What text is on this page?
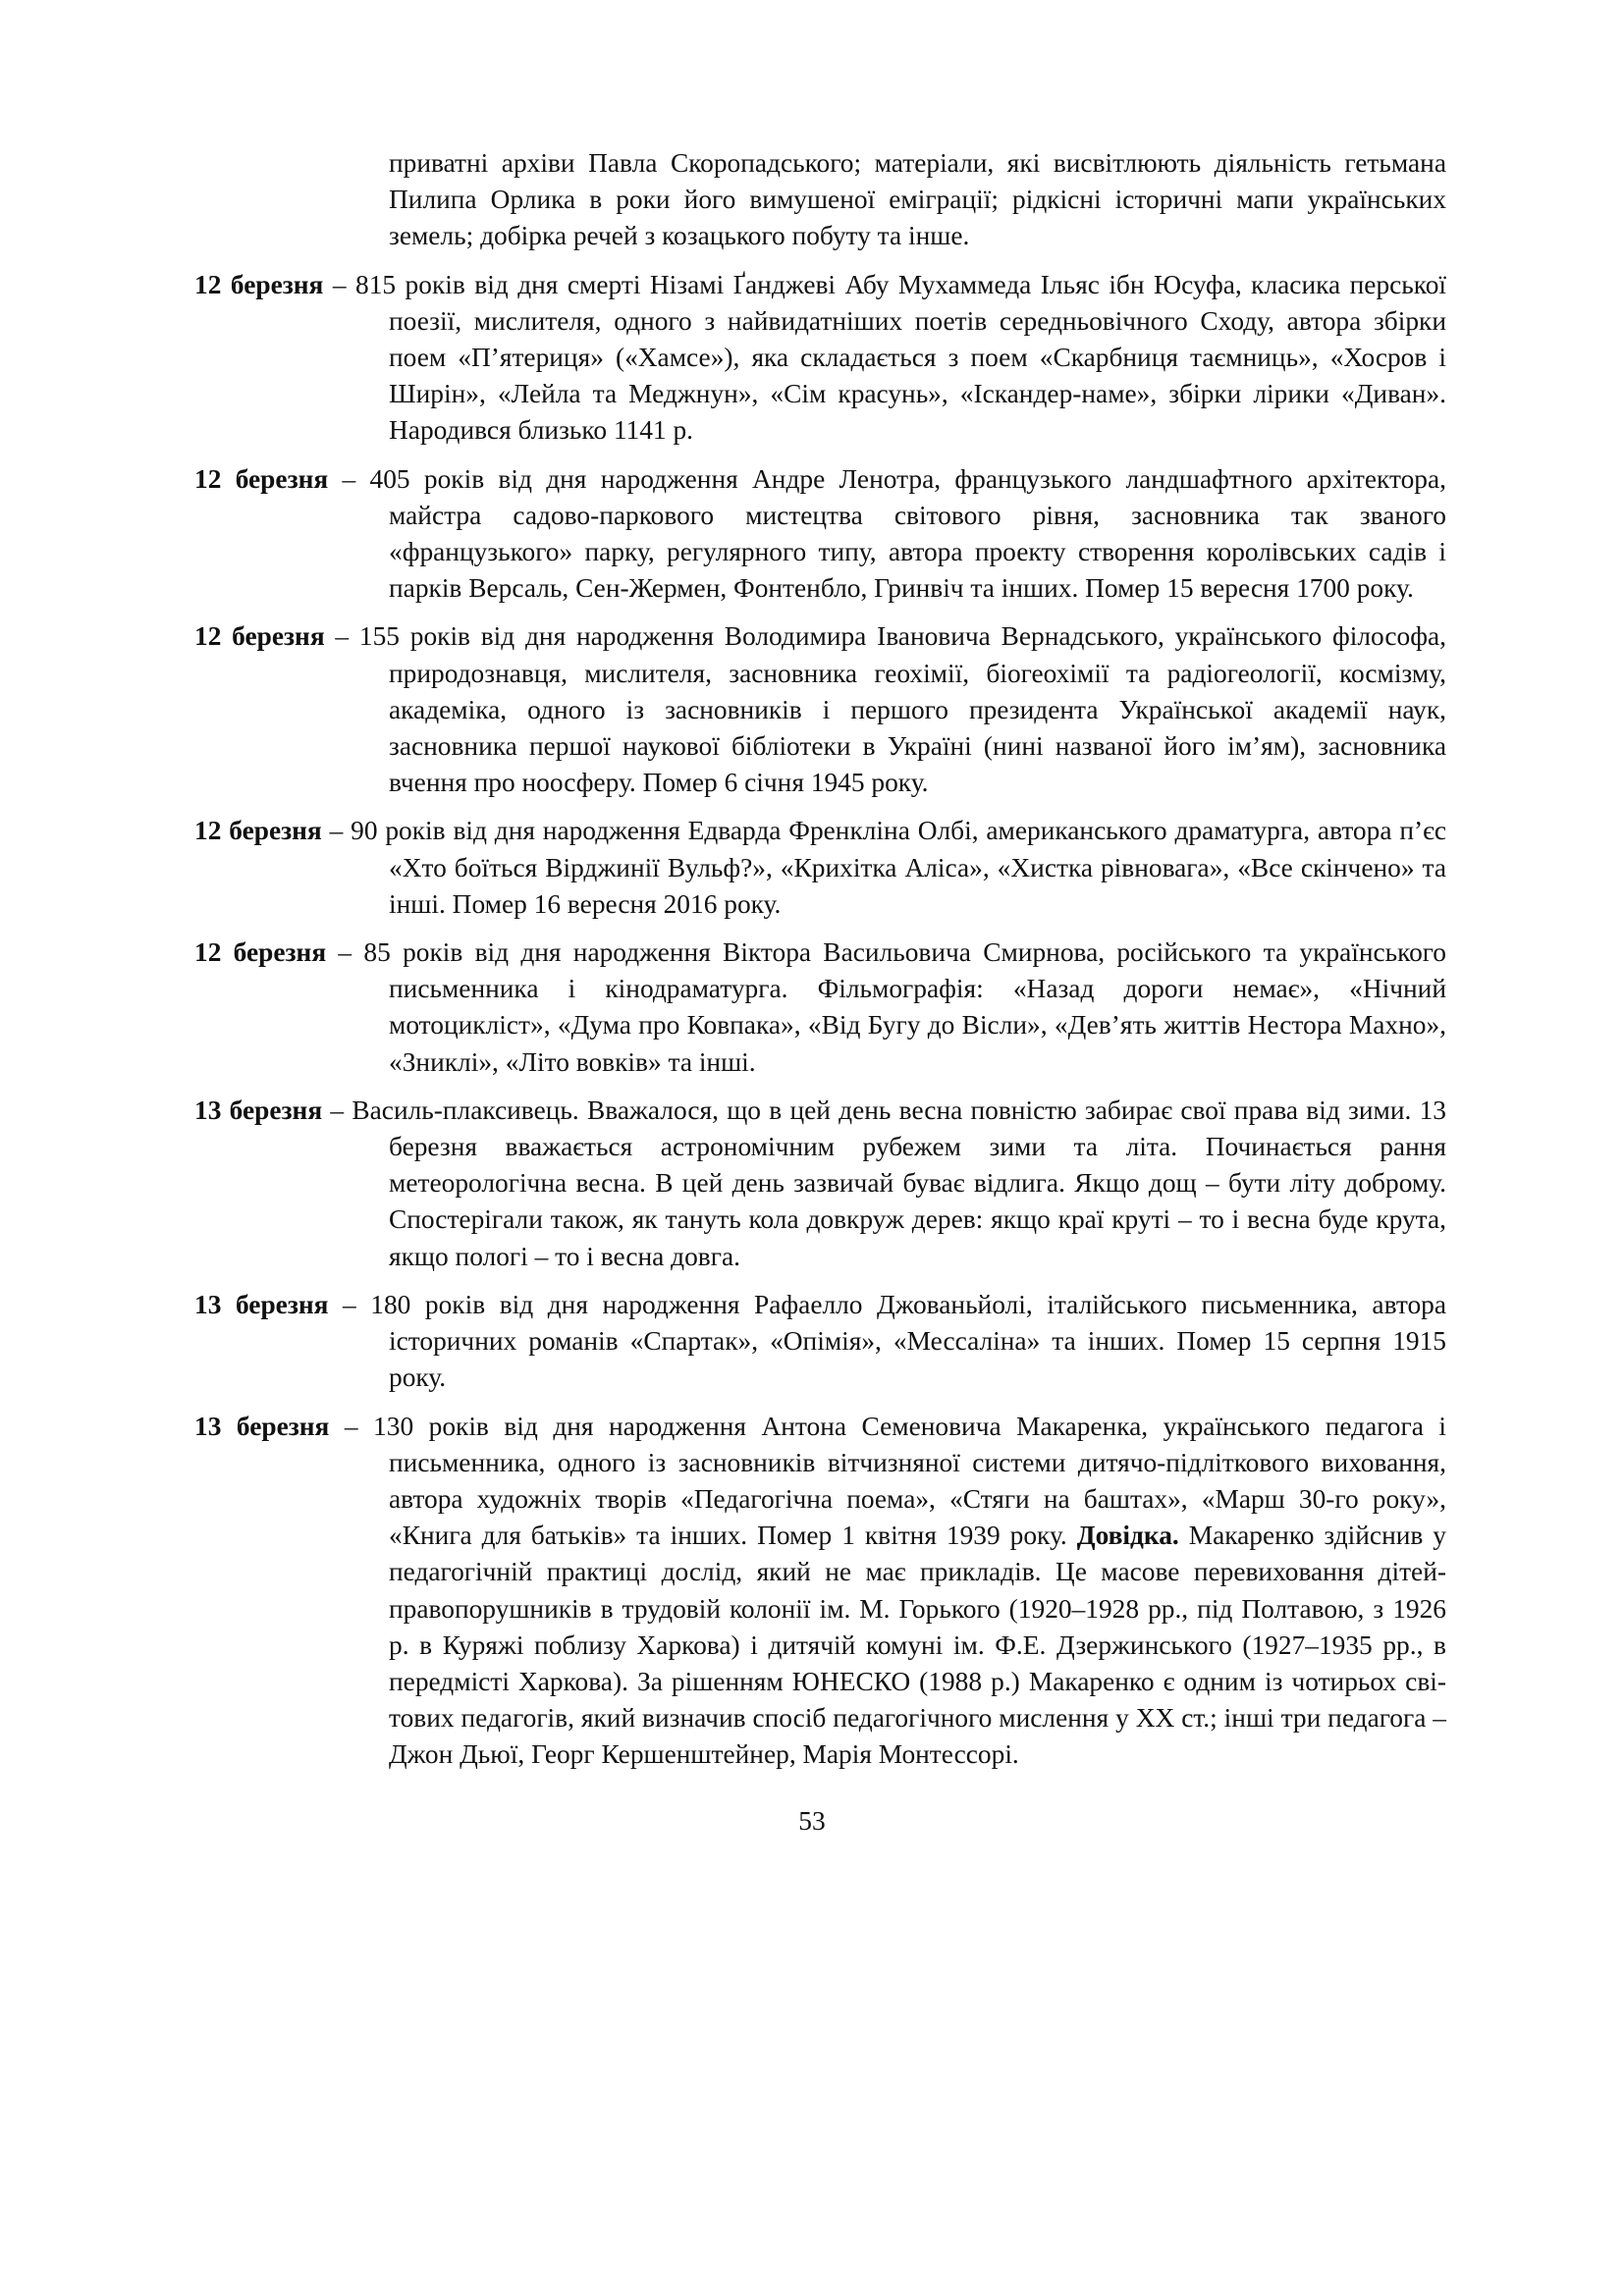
приватні архіви Павла Скоропадського; матеріали, які висвітлюють діяльність гетьмана Пилипа Орлика в роки його вимушеної еміграції; рідкісні історичні мапи українських земель; добірка речей з козацького побуту та інше.

12 березня – 815 років від дня смерті Нізамі Ґанджеві Абу Мухаммеда Ільяс ібн Юсуфа, класика перської поезії, мислителя, одного з найвидатніших поетів середньовічного Сходу, автора збірки поем «П’ятериця» («Хамсе»), яка складається з поем «Скарбниця таємниць», «Хосров і Ширін», «Лейла та Меджнун», «Сім красунь», «Іскандер-наме», збірки лірики «Диван». Народився близько 1141 р.

12 березня – 405 років від дня народження Андре Ленотра, французького ландшафтного архітектора, майстра садово-паркового мистецтва світового рівня, засновника так званого «французького» парку, регулярного типу, автора проекту створення королівських садів і парків Версаль, Сен-Жермен, Фонтенбло, Гринвіч та інших. Помер 15 вересня 1700 року.

12 березня – 155 років від дня народження Володимира Івановича Вернадського, українського філософа, природознавця, мислителя, засновника геохімії, біогеохімії та радіогеології, космізму, академіка, одного із засновників і першого президента Української академії наук, засновника першої наукової бібліотеки в Україні (нині названої його ім’ям), засновника вчення про ноосферу. Помер 6 січня 1945 року.

12 березня – 90 років від дня народження Едварда Френкліна Олбі, американського драматурга, автора п’єс «Хто боїться Вірджинії Вульф?», «Крихітка Аліса», «Хистка рівновага», «Все скінчено» та інші. Помер 16 вересня 2016 року.

12 березня – 85 років від дня народження Віктора Васильовича Смирнова, російського та українського письменника і кінодраматурга. Фільмографія: «Назад дороги немає», «Нічний мотоцикліст», «Дума про Ковпака», «Від Бугу до Вісли», «Дев’ять життів Нестора Махно», «Зниклі», «Літо вовків» та інші.

13 березня – Василь-плаксивець. Вважалося, що в цей день весна повністю забирає свої права від зими. 13 березня вважається астрономічним рубежем зими та літа. Починається рання метеорологічна весна. В цей день зазвичай буває відлига. Якщо дощ – бути літу доброму. Спостерігали також, як тануть кола довкруж дерев: якщо краї круті – то і весна буде крута, якщо пологі – то і весна довга.

13 березня – 180 років від дня народження Рафаелло Джованьйолі, італійського письменника, автора історичних романів «Спартак», «Опімія», «Мессаліна» та інших. Помер 15 серпня 1915 року.

13 березня – 130 років від дня народження Антона Семеновича Макаренка, українського педагога і письменника, одного із засновників вітчизняної системи дитячо-підліткового виховання, автора художніх творів «Педагогічна поема», «Стяги на баштах», «Марш 30-го року», «Книга для батьків» та інших. Помер 1 квітня 1939 року. Довідка. Макаренко здійснив у педагогічній практиці дослід, який не має прикладів. Це масове перевиховання дітей-правопорушників в трудовій колонії ім. М. Горького (1920–1928 рр., під Полтавою, з 1926 р. в Куряжі поблизу Харкова) і дитячій комуні ім. Ф.Е. Дзержинського (1927–1935 рр., в передмісті Харкова). За рішенням ЮНЕСКО (1988 р.) Макаренко є одним із чотирьох світових педагогів, який визначив спосіб педагогічного мислення у XX ст.; інші три педагога – Джон Дьюї, Георг Кершенштейнер, Марія Монтессорі.

53
